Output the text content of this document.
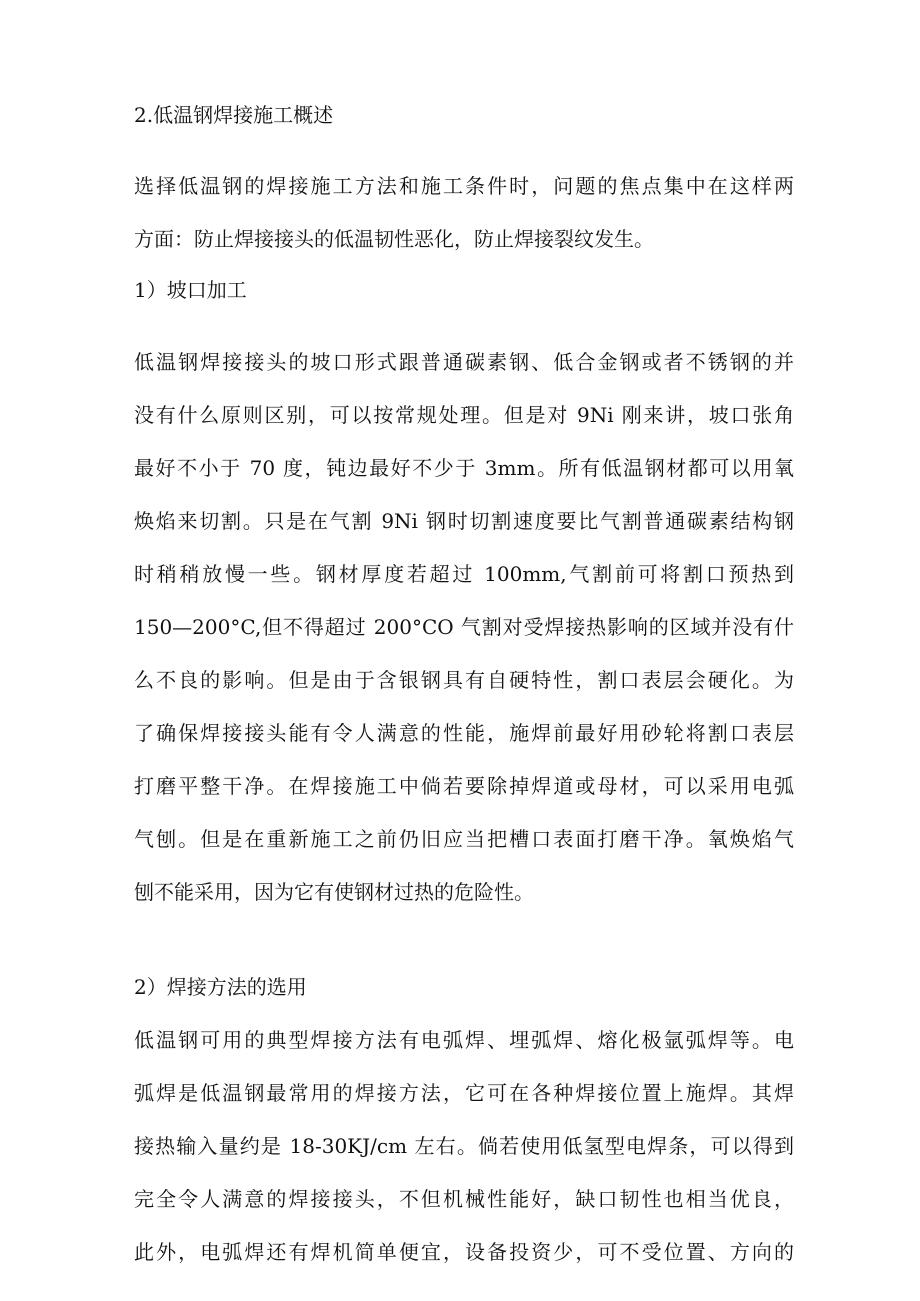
2.低温钢焊接施工概述
选择低温钢的焊接施工方法和施工条件时，问题的焦点集中在这样两
方面：防止焊接接头的低温韧性恶化，防止焊接裂纹发生。
1）坡口加工
低温钢焊接接头的坡口形式跟普通碳素钢、低合金钢或者不锈钢的并
没有什么原则区别，可以按常规处理。但是对 9Ni 刚来讲，坡口张角
最好不小于 70 度，钝边最好不少于 3mm。所有低温钢材都可以用氧
焕焰来切割。只是在气割 9Ni 钢时切割速度要比气割普通碳素结构钢
时稍稍放慢一些。钢材厚度若超过 100mm,气割前可将割口预热到
150—200°C,但不得超过 200°CO 气割对受焊接热影响的区域并没有什
么不良的影响。但是由于含银钢具有自硬特性，割口表层会硬化。为
了确保焊接接头能有令人满意的性能，施焊前最好用砂轮将割口表层
打磨平整干净。在焊接施工中倘若要除掉焊道或母材，可以采用电弧
气刨。但是在重新施工之前仍旧应当把槽口表面打磨干净。氧焕焰气
刨不能采用，因为它有使钢材过热的危险性。
2）焊接方法的选用
低温钢可用的典型焊接方法有电弧焊、埋弧焊、熔化极氩弧焊等。电
弧焊是低温钢最常用的焊接方法，它可在各种焊接位置上施焊。其焊
接热输入量约是 18-30KJ∕cm 左右。倘若使用低氢型电焊条，可以得到
完全令人满意的焊接接头，不但机械性能好，缺口韧性也相当优良，
此外，电弧焊还有焊机简单便宜，设备投资少，可不受位置、方向的
